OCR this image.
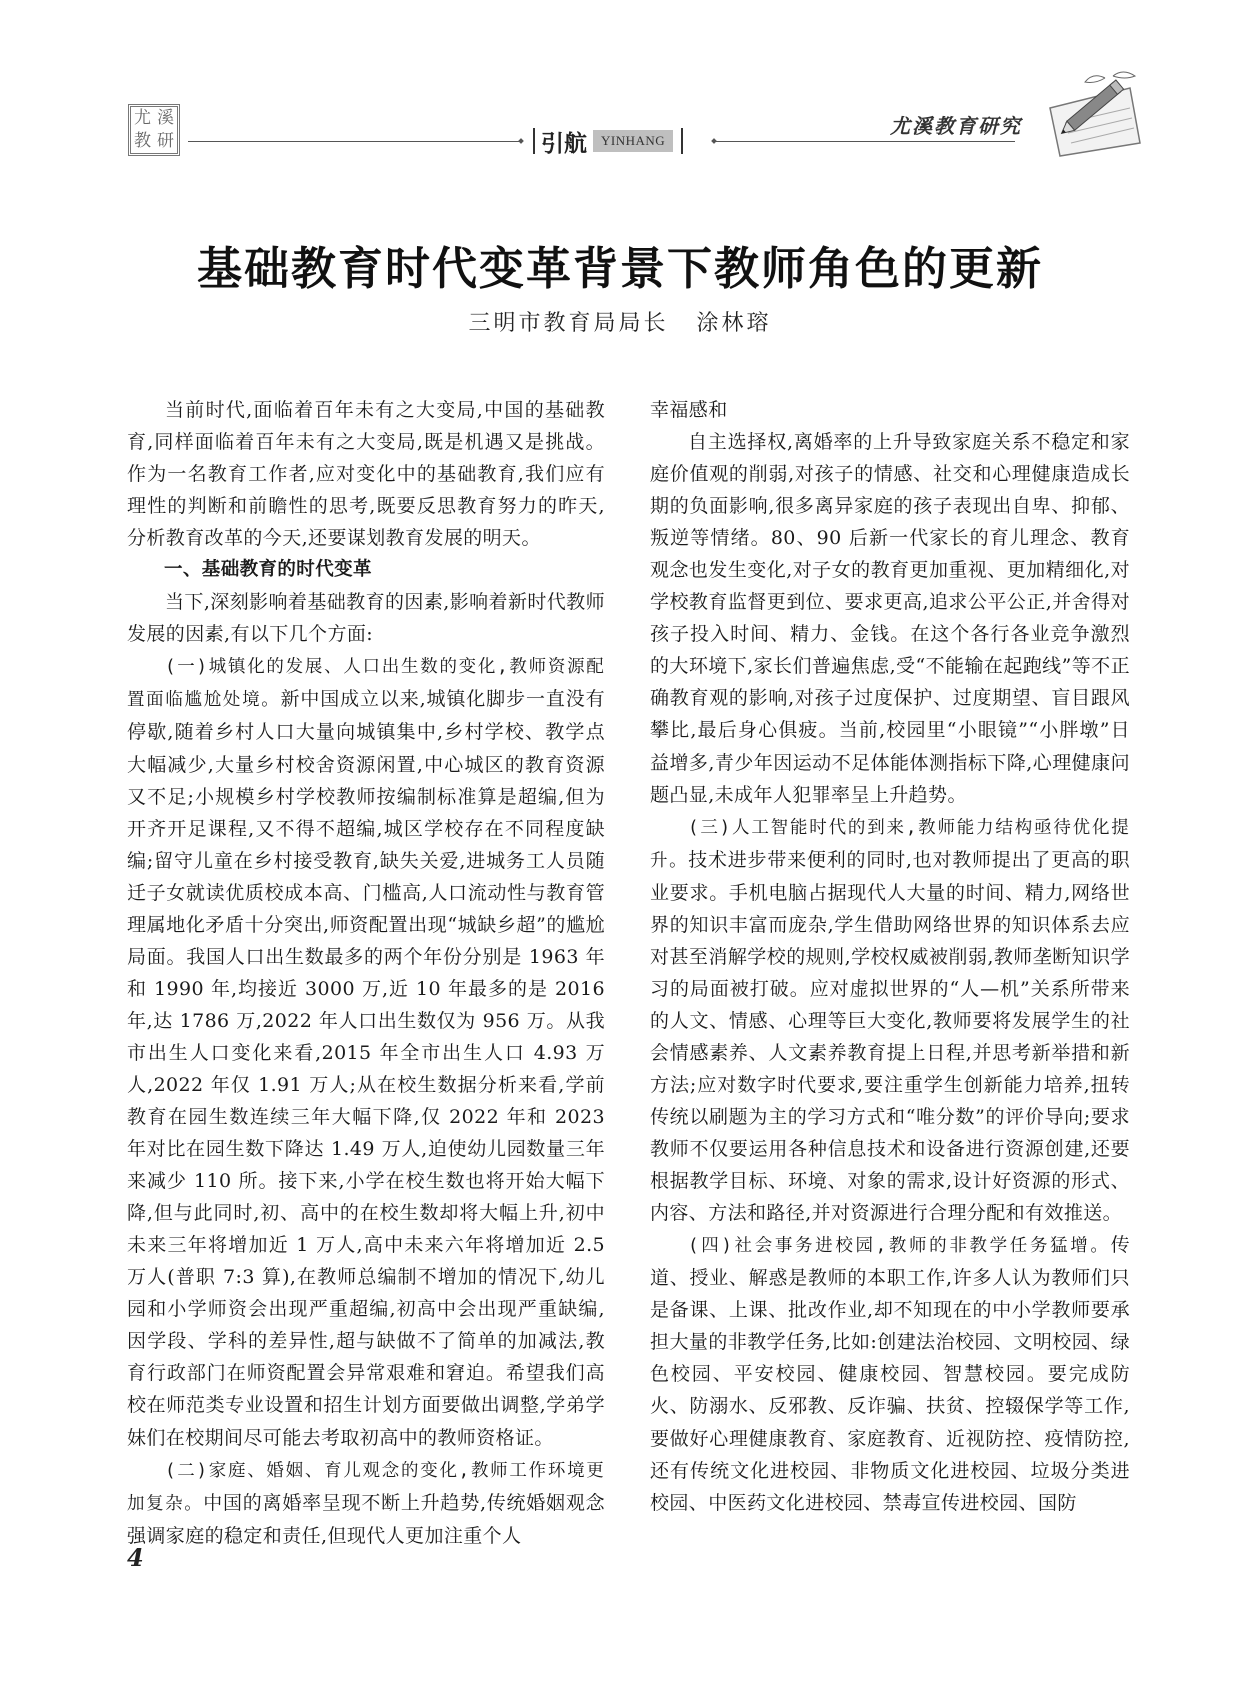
尤 溪
教 研	引航	YINHANG
尤溪教育研究
基础教育时代变革背景下教师角色的更新
三明市教育局局长 涂林瑢

当前时代,面临着百年未有之大变局,中国的基础教育,同样面临着百年未有之大变局,既是机遇又是挑战。作为一名教育工作者,应对变化中的基础教育,我们应有理性的判断和前瞻性的思考,既要反思教育努力的昨天,分析教育改革的今天,还要谋划教育发展的明天。

一、基础教育的时代变革

当下,深刻影响着基础教育的因素,影响着新时代教师发展的因素,有以下几个方面:

(一)城镇化的发展、人口出生数的变化,教师资源配置面临尴尬处境。新中国成立以来,城镇化脚步一直没有停歇,随着乡村人口大量向城镇集中,乡村学校、教学点大幅减少,大量乡村校舍资源闲置,中心城区的教育资源又不足;小规模乡村学校教师按编制标准算是超编,但为开齐开足课程,又不得不超编,城区学校存在不同程度缺编;留守儿童在乡村接受教育,缺失关爱,进城务工人员随迁子女就读优质校成本高、门槛高,人口流动性与教育管理属地化矛盾十分突出,师资配置出现“城缺乡超”的尴尬局面。我国人口出生数最多的两个年份分别是 1963 年和 1990 年,均接近 3000 万,近 10 年最多的是 2016 年,达 1786 万,2022 年人口出生数仅为 956 万。从我市出生人口变化来看,2015 年全市出生人口 4.93 万人,2022 年仅 1.91 万人;从在校生数据分析来看,学前教育在园生数连续三年大幅下降,仅 2022 年和 2023 年对比在园生数下降达 1.49 万人,迫使幼儿园数量三年来减少 110 所。接下来,小学在校生数也将开始大幅下降,但与此同时,初、高中的在校生数却将大幅上升,初中未来三年将增加近 1 万人,高中未来六年将增加近 2.5 万人(普职 7:3 算),在教师总编制不增加的情况下,幼儿园和小学师资会出现严重超编,初高中会出现严重缺编,因学段、学科的差异性,超与缺做不了简单的加减法,教育行政部门在师资配置会异常艰难和窘迫。希望我们高校在师范类专业设置和招生计划方面要做出调整,学弟学妹们在校期间尽可能去考取初高中的教师资格证。

(二)家庭、婚姻、育儿观念的变化,教师工作环境更加复杂。中国的离婚率呈现不断上升趋势,传统婚姻观念强调家庭的稳定和责任,但现代人更加注重个人

幸福感和

自主选择权,离婚率的上升导致家庭关系不稳定和家庭价值观的削弱,对孩子的情感、社交和心理健康造成长期的负面影响,很多离异家庭的孩子表现出自卑、抑郁、叛逆等情绪。80、90 后新一代家长的育儿理念、教育观念也发生变化,对子女的教育更加重视、更加精细化,对学校教育监督更到位、要求更高,追求公平公正,并舍得对孩子投入时间、精力、金钱。在这个各行各业竞争激烈的大环境下,家长们普遍焦虑,受“不能输在起跑线”等不正确教育观的影响,对孩子过度保护、过度期望、盲目跟风攀比,最后身心俱疲。当前,校园里“小眼镜”“小胖墩”日益增多,青少年因运动不足体能体测指标下降,心理健康问题凸显,未成年人犯罪率呈上升趋势。

(三)人工智能时代的到来,教师能力结构亟待优化提升。技术进步带来便利的同时,也对教师提出了更高的职业要求。手机电脑占据现代人大量的时间、精力,网络世界的知识丰富而庞杂,学生借助网络世界的知识体系去应对甚至消解学校的规则,学校权威被削弱,教师垄断知识学习的局面被打破。应对虚拟世界的“人—机”关系所带来的人文、情感、心理等巨大变化,教师要将发展学生的社会情感素养、人文素养教育提上日程,并思考新举措和新方法;应对数字时代要求,要注重学生创新能力培养,扭转传统以刷题为主的学习方式和“唯分数”的评价导向;要求教师不仅要运用各种信息技术和设备进行资源创建,还要根据教学目标、环境、对象的需求,设计好资源的形式、内容、方法和路径,并对资源进行合理分配和有效推送。

(四)社会事务进校园,教师的非教学任务猛增。传道、授业、解惑是教师的本职工作,许多人认为教师们只是备课、上课、批改作业,却不知现在的中小学教师要承担大量的非教学任务,比如:创建法治校园、文明校园、绿色校园、平安校园、健康校园、智慧校园。要完成防火、防溺水、反邪教、反诈骗、扶贫、控辍保学等工作,要做好心理健康教育、家庭教育、近视防控、疫情防控,还有传统文化进校园、非物质文化进校园、垃圾分类进校园、中医药文化进校园、禁毒宣传进校园、国防

4
